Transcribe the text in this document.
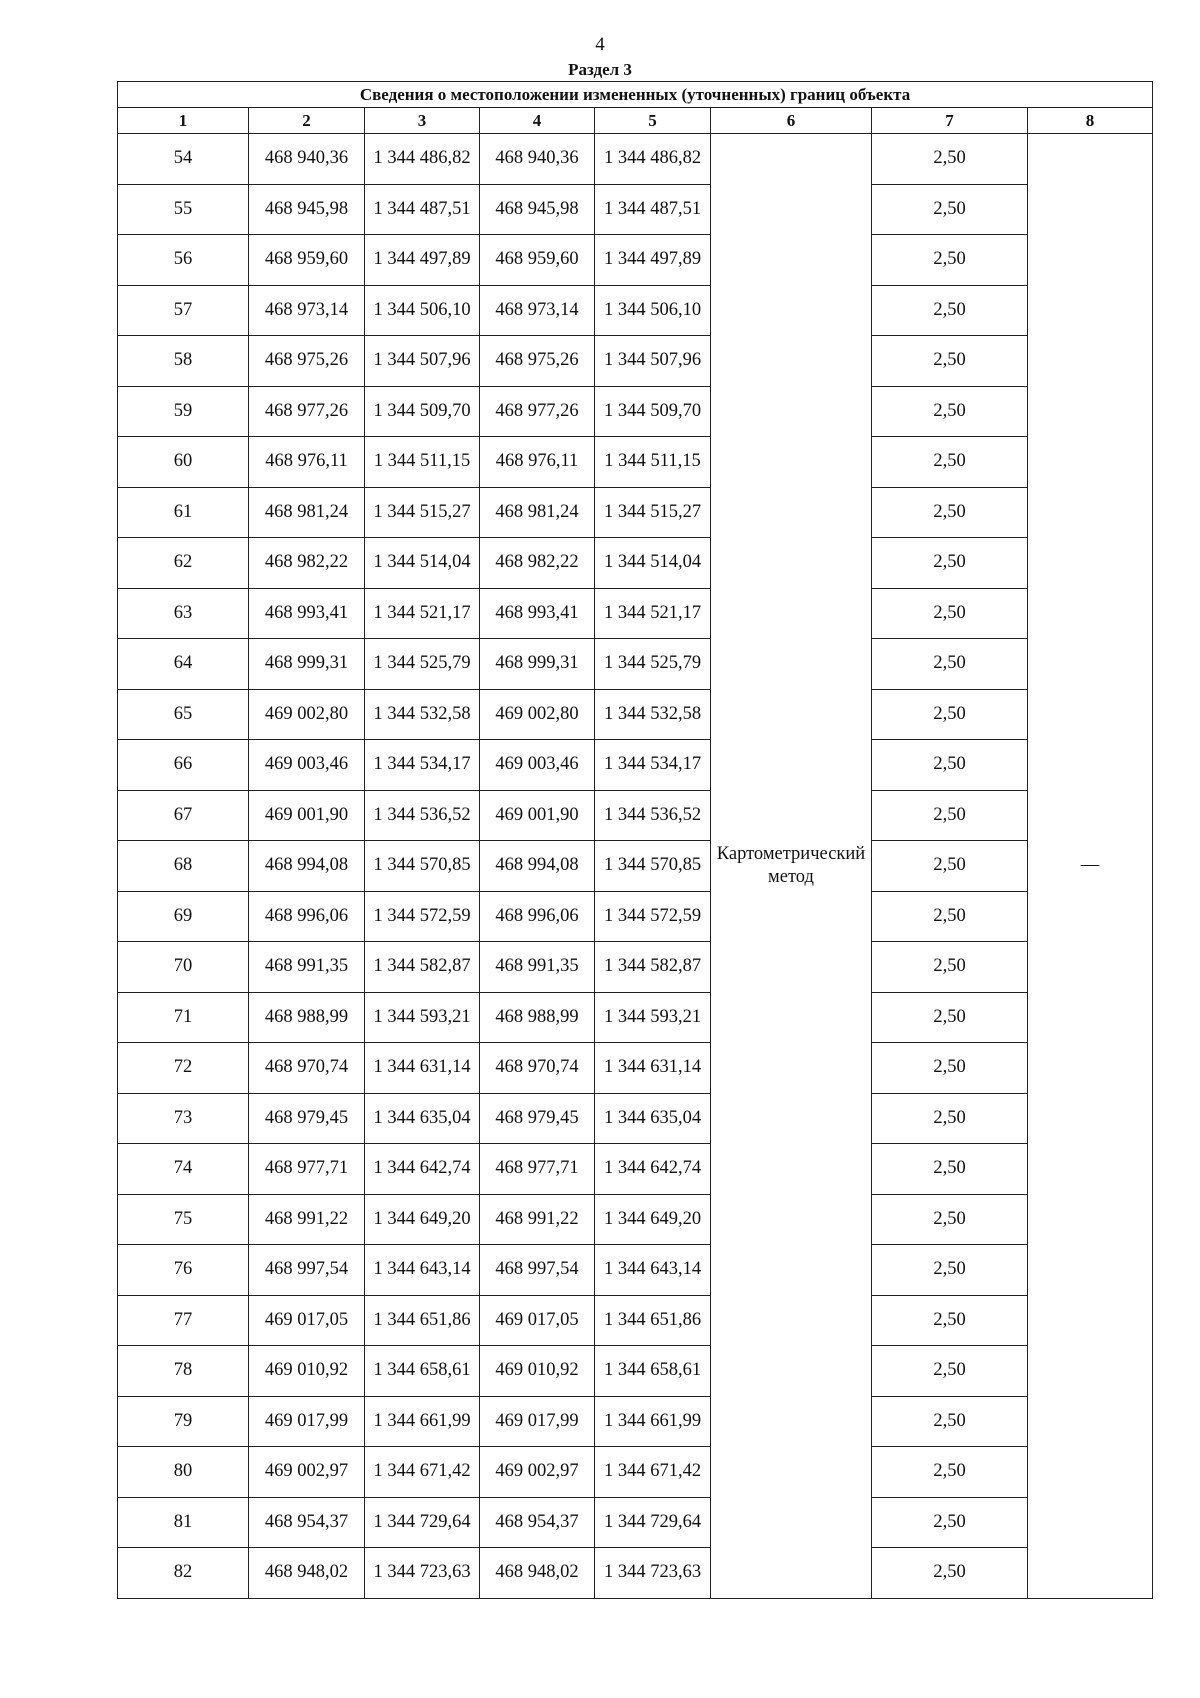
4
Раздел 3
Сведения о местоположении измененных (уточненных) границ объекта							
1	2	3	4	5	6	7	8
54	468 940,36	1 344 486,82	468 940,36	1 344 486,82	Картометрический метод	2,50	—
55	468 945,98	1 344 487,51	468 945,98	1 344 487,51		2,50	
56	468 959,60	1 344 497,89	468 959,60	1 344 497,89		2,50	
57	468 973,14	1 344 506,10	468 973,14	1 344 506,10		2,50	
58	468 975,26	1 344 507,96	468 975,26	1 344 507,96		2,50	
59	468 977,26	1 344 509,70	468 977,26	1 344 509,70		2,50	
60	468 976,11	1 344 511,15	468 976,11	1 344 511,15		2,50	
61	468 981,24	1 344 515,27	468 981,24	1 344 515,27		2,50	
62	468 982,22	1 344 514,04	468 982,22	1 344 514,04		2,50	
63	468 993,41	1 344 521,17	468 993,41	1 344 521,17		2,50	
64	468 999,31	1 344 525,79	468 999,31	1 344 525,79		2,50	
65	469 002,80	1 344 532,58	469 002,80	1 344 532,58		2,50	
66	469 003,46	1 344 534,17	469 003,46	1 344 534,17		2,50	
67	469 001,90	1 344 536,52	469 001,90	1 344 536,52		2,50	
68	468 994,08	1 344 570,85	468 994,08	1 344 570,85		2,50	
69	468 996,06	1 344 572,59	468 996,06	1 344 572,59		2,50	
70	468 991,35	1 344 582,87	468 991,35	1 344 582,87		2,50	
71	468 988,99	1 344 593,21	468 988,99	1 344 593,21		2,50	
72	468 970,74	1 344 631,14	468 970,74	1 344 631,14		2,50	
73	468 979,45	1 344 635,04	468 979,45	1 344 635,04		2,50	
74	468 977,71	1 344 642,74	468 977,71	1 344 642,74		2,50	
75	468 991,22	1 344 649,20	468 991,22	1 344 649,20		2,50	
76	468 997,54	1 344 643,14	468 997,54	1 344 643,14		2,50	
77	469 017,05	1 344 651,86	469 017,05	1 344 651,86		2,50	
78	469 010,92	1 344 658,61	469 010,92	1 344 658,61		2,50	
79	469 017,99	1 344 661,99	469 017,99	1 344 661,99		2,50	
80	469 002,97	1 344 671,42	469 002,97	1 344 671,42		2,50	
81	468 954,37	1 344 729,64	468 954,37	1 344 729,64		2,50	
82	468 948,02	1 344 723,63	468 948,02	1 344 723,63		2,50	
